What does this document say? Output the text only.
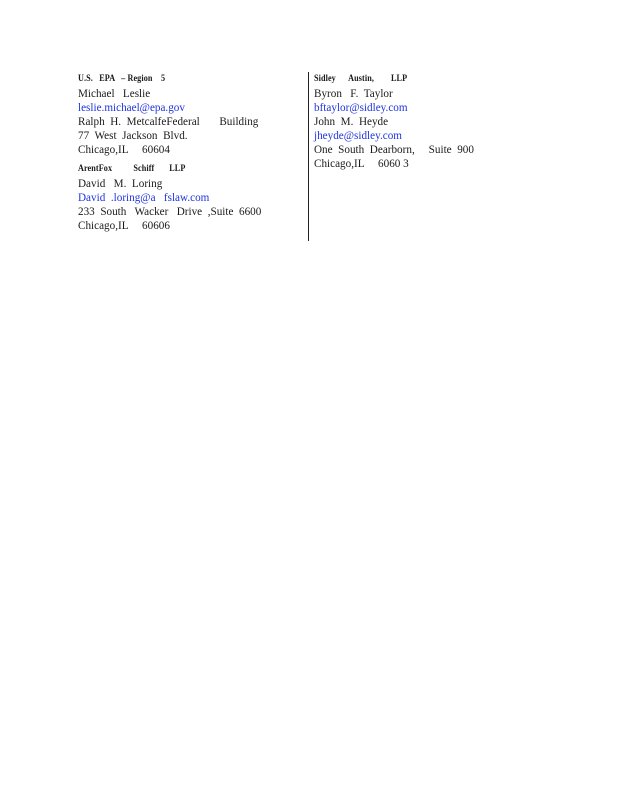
U.S.   EPA   – Region    5
Michael   Leslie
leslie.michael@epa.gov
Ralph  H.  MetcalfeFederal       Building
77  West  Jackson  Blvd.
Chicago,IL     60604
ArentFox          Schiff       LLP
David   M.  Loring
David  .loring@a   fslaw.com
233  South   Wacker   Drive  ,Suite  6600
Chicago,IL     60606
Sidley      Austin,        LLP
Byron   F.  Taylor
bftaylor@sidley.com
John  M.  Heyde
jheyde@sidley.com
One  South  Dearborn,     Suite  900
Chicago,IL     6060 3
